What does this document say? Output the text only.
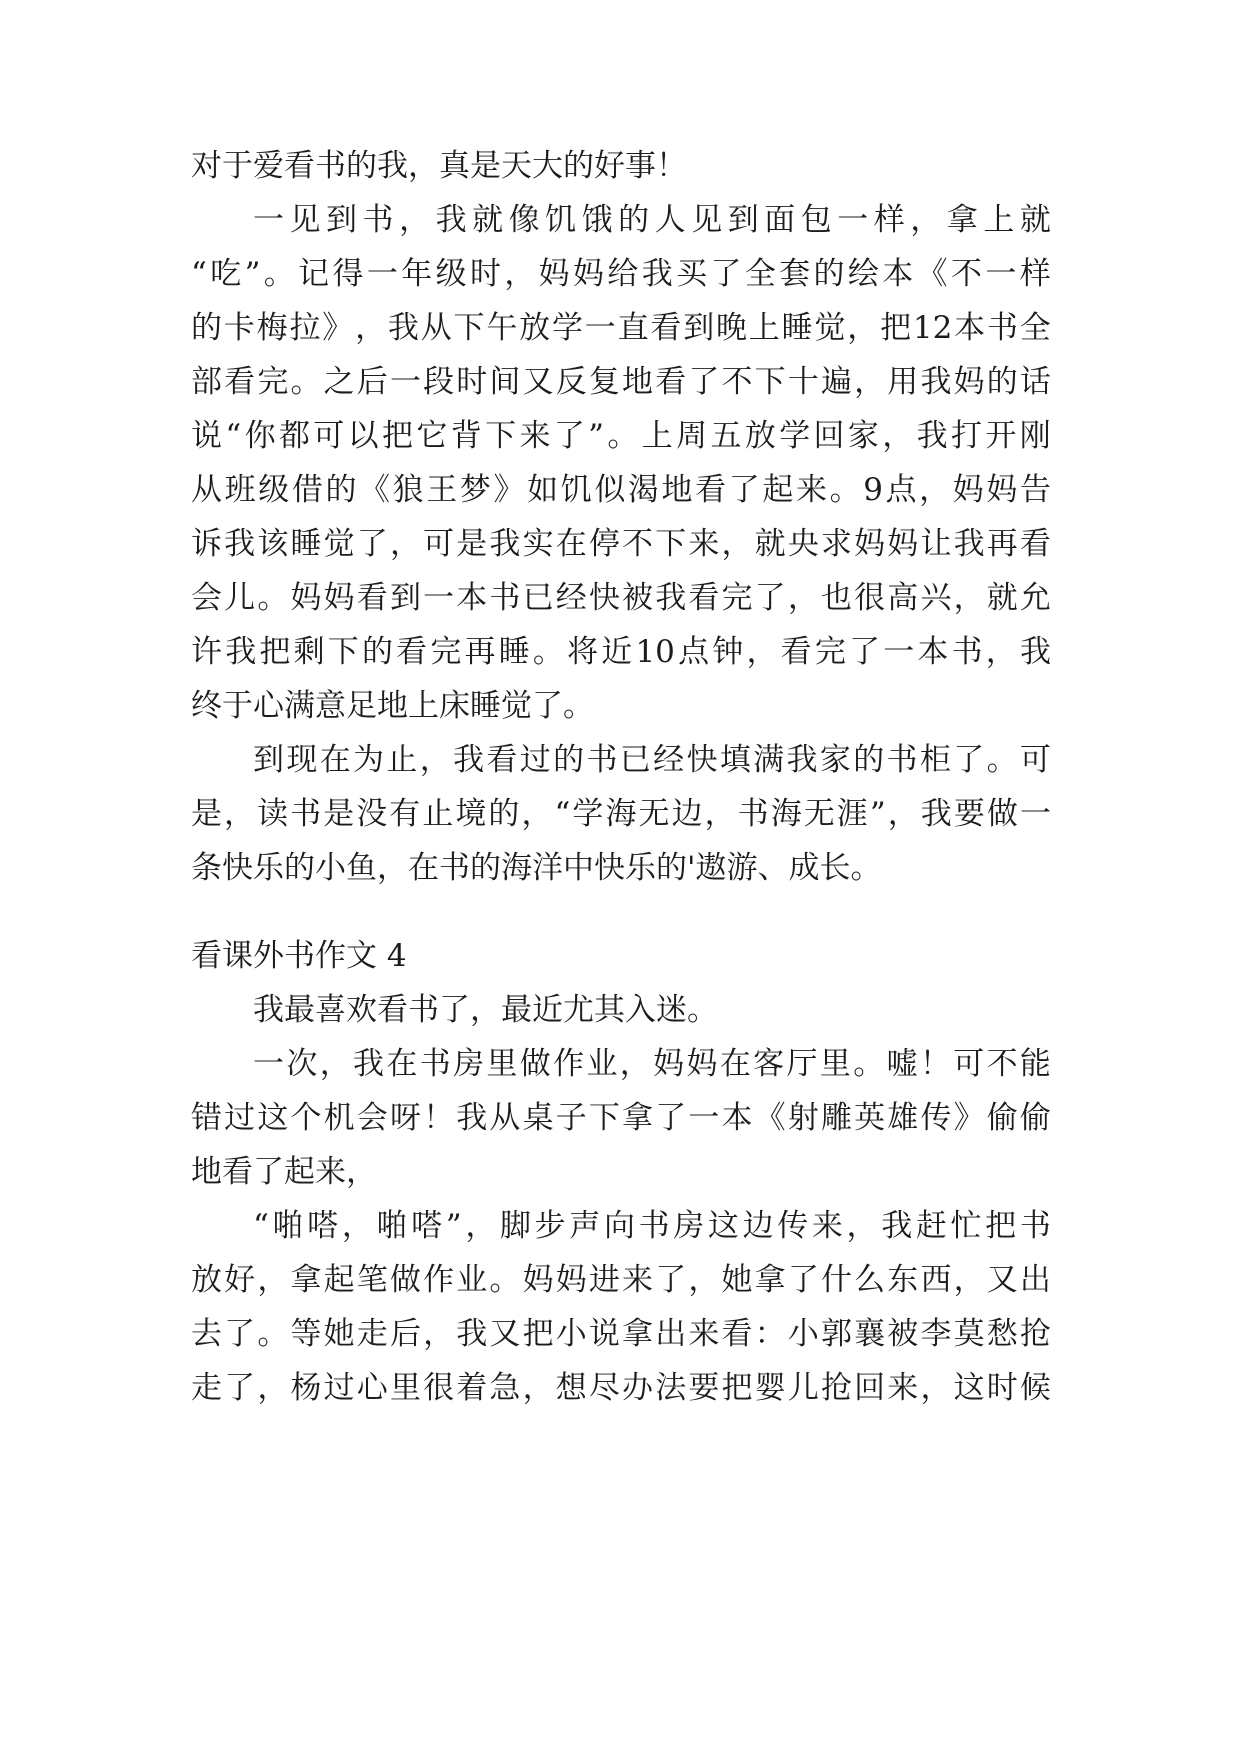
对于爱看书的我，真是天大的好事！
一 见 到 书 ， 我 就 像 饥 饿 的 人 见 到 面 包 一 样 ， 拿 上 就
“ 吃 ” 。 记 得 一 年 级 时 ， 妈 妈 给 我 买 了 全 套 的 绘 本 《 不 一 样
的 卡 梅 拉 》 ， 我 从 下 午 放 学 一 直 看 到 晚 上 睡 觉 ， 把 12 本 书 全
部 看 完 。 之 后 一 段 时 间 又 反 复 地 看 了 不 下 十 遍 ， 用 我 妈 的 话
说 “ 你 都 可 以 把 它 背 下 来 了 ” 。 上 周 五 放 学 回 家 ， 我 打 开 刚
从 班 级 借 的 《 狼 王 梦 》 如 饥 似 渴 地 看 了 起 来 。 9 点 ， 妈 妈 告
诉 我 该 睡 觉 了 ， 可 是 我 实 在 停 不 下 来 ， 就 央 求 妈 妈 让 我 再 看
会 儿 。 妈 妈 看 到 一 本 书 已 经 快 被 我 看 完 了 ， 也 很 高 兴 ， 就 允
许 我 把 剩 下 的 看 完 再 睡 。 将 近 10 点 钟 ， 看 完 了 一 本 书 ， 我
终于心满意足地上床睡觉了。
到 现 在 为 止 ， 我 看 过 的 书 已 经 快 填 满 我 家 的 书 柜 了 。 可
是 ， 读 书 是 没 有 止 境 的 ， “ 学 海 无 边 ， 书 海 无 涯 ” ， 我 要 做 一
条快乐的小鱼，在书的海洋中快乐的'遨游、成长。
看课外书作文 4
我最喜欢看书了，最近尤其入迷。
一 次 ， 我 在 书 房 里 做 作 业 ， 妈 妈 在 客 厅 里 。 嘘 ！ 可 不 能
错 过 这 个 机 会 呀 ！ 我 从 桌 子 下 拿 了 一 本 《 射 雕 英 雄 传 》 偷 偷
地看了起来，
“ 啪 嗒 ， 啪 嗒 ” ， 脚 步 声 向 书 房 这 边 传 来 ， 我 赶 忙 把 书
放 好 ， 拿 起 笔 做 作 业 。 妈 妈 进 来 了 ， 她 拿 了 什 么 东 西 ， 又 出
去 了 。 等 她 走 后 ， 我 又 把 小 说 拿 出 来 看 ： 小 郭 襄 被 李 莫 愁 抢
走 了 ， 杨 过 心 里 很 着 急 ， 想 尽 办 法 要 把 婴 儿 抢 回 来 ， 这 时 候
